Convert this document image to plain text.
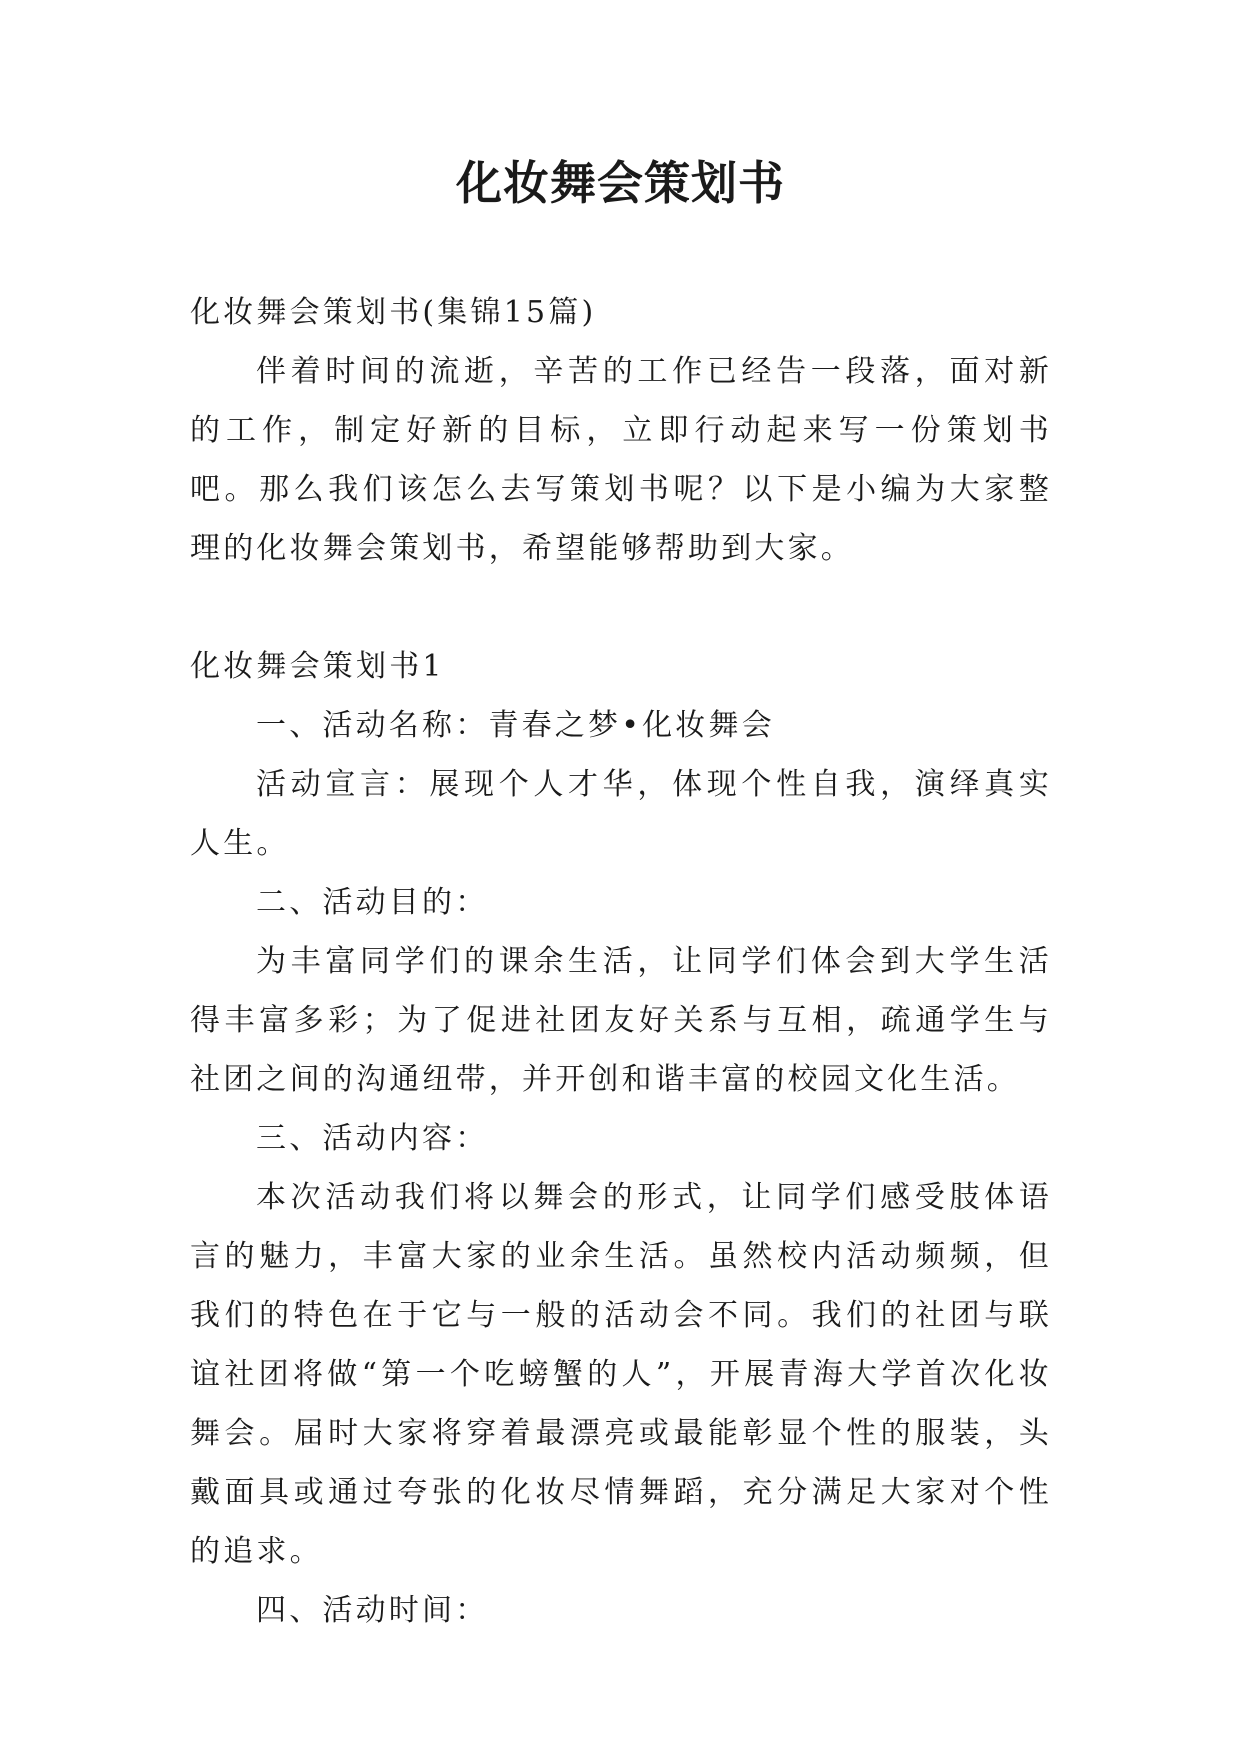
化妆舞会策划书

化妆舞会策划书(集锦15篇)

伴着时间的流逝，辛苦的工作已经告一段落，面对新的工作，制定好新的目标，立即行动起来写一份策划书吧。那么我们该怎么去写策划书呢？以下是小编为大家整理的化妆舞会策划书，希望能够帮助到大家。

化妆舞会策划书1

一、活动名称：青春之梦•化妆舞会

活动宣言：展现个人才华，体现个性自我，演绎真实人生。

二、活动目的：

为丰富同学们的课余生活，让同学们体会到大学生活得丰富多彩；为了促进社团友好关系与互相，疏通学生与社团之间的沟通纽带，并开创和谐丰富的校园文化生活。

三、活动内容：

本次活动我们将以舞会的形式，让同学们感受肢体语言的魅力，丰富大家的业余生活。虽然校内活动频频，但我们的特色在于它与一般的活动会不同。我们的社团与联谊社团将做“第一个吃螃蟹的人”，开展青海大学首次化妆舞会。届时大家将穿着最漂亮或最能彰显个性的服装，头戴面具或通过夸张的化妆尽情舞蹈，充分满足大家对个性的追求。

四、活动时间：
